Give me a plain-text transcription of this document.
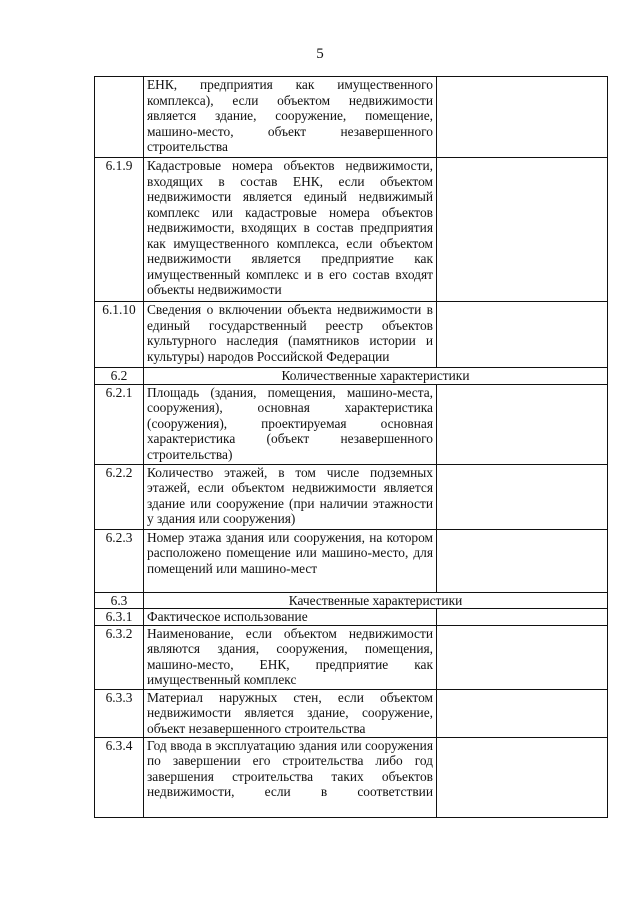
5
	ЕНК, предприятия как имущественного комплекса), если объектом недвижимости является здание, сооружение, помещение, машино-место, объект незавершенного строительства	
6.1.9	Кадастровые номера объектов недвижимости, входящих в состав ЕНК, если объектом недвижимости является единый недвижимый комплекс или кадастровые номера объектов недвижимости, входящих в состав предприятия как имущественного комплекса, если объектом недвижимости является предприятие как имущественный комплекс и в его состав входят объекты недвижимости	
6.1.10	Сведения о включении объекта недвижимости в единый государственный реестр объектов культурного наследия (памятников истории и культуры) народов Российской Федерации	
6.2	Количественные характеристики	
6.2.1	Площадь (здания, помещения, машино-места, сооружения), основная характеристика (сооружения), проектируемая основная характеристика (объект незавершенного строительства)	
6.2.2	Количество этажей, в том числе подземных этажей, если объектом недвижимости является здание или сооружение (при наличии этажности у здания или сооружения)	
6.2.3	Номер этажа здания или сооружения, на котором расположено помещение или машино-место, для помещений или машино-мест	
6.3	Качественные характеристики	
6.3.1	Фактическое использование	
6.3.2	Наименование, если объектом недвижимости являются здания, сооружения, помещения, машино-место, ЕНК, предприятие как имущественный комплекс	
6.3.3	Материал наружных стен, если объектом недвижимости является здание, сооружение, объект незавершенного строительства	
6.3.4	Год ввода в эксплуатацию здания или сооружения по завершении его строительства либо год завершения строительства таких объектов недвижимости, если в соответствии	
